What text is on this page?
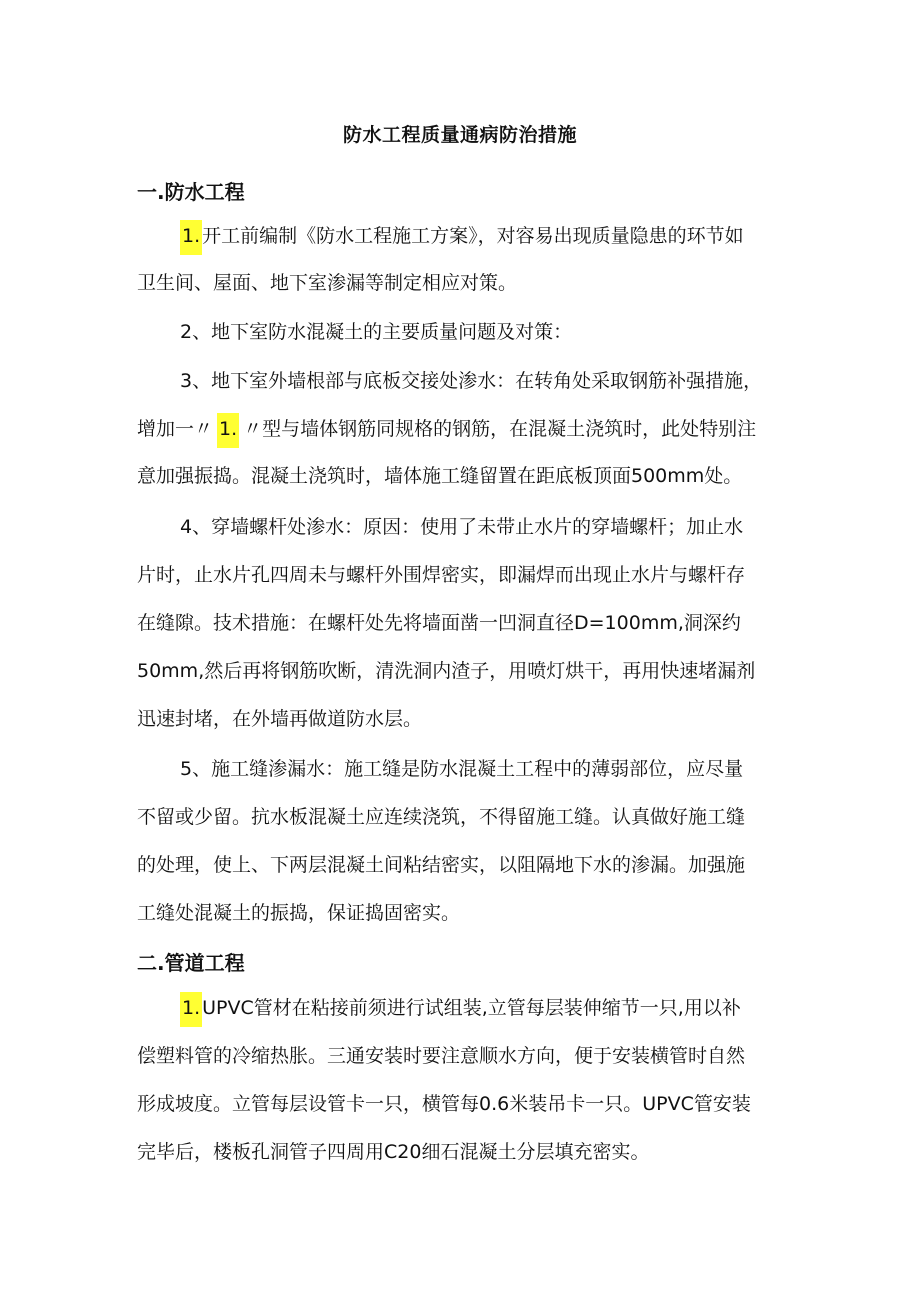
防水工程质量通病防治措施
一.防水工程
1. 开工前编制《防水工程施工方案》，对容易出现质量隐患的环节如
卫生间、屋面、地下室渗漏等制定相应对策。
2、地下室防水混凝土的主要质量问题及对策：
3、地下室外墙根部与底板交接处渗水：在转角处采取钢筋补强措施，
增加一〃 1. 〃型与墙体钢筋同规格的钢筋，在混凝土浇筑时，此处特别注
意加强振捣。混凝土浇筑时，墙体施工缝留置在距底板顶面500mm处。
4、穿墙螺杆处渗水：原因：使用了未带止水片的穿墙螺杆；加止水
片时，止水片孔四周未与螺杆外围焊密实，即漏焊而出现止水片与螺杆存
在缝隙。技术措施：在螺杆处先将墙面凿一凹洞直径D=100mm,洞深约
50mm,然后再将钢筋吹断，清洗洞内渣子，用喷灯烘干，再用快速堵漏剂
迅速封堵，在外墙再做道防水层。
5、施工缝渗漏水：施工缝是防水混凝土工程中的薄弱部位，应尽量
不留或少留。抗水板混凝土应连续浇筑，不得留施工缝。认真做好施工缝
的处理，使上、下两层混凝土间粘结密实，以阻隔地下水的渗漏。加强施
工缝处混凝土的振捣，保证捣固密实。
二.管道工程
1. UPVC管材在粘接前须进行试组装,立管每层装伸缩节一只,用以补
偿塑料管的冷缩热胀。三通安装时要注意顺水方向，便于安装横管时自然
形成坡度。立管每层设管卡一只，横管每0.6米装吊卡一只。UPVC管安装
完毕后，楼板孔洞管子四周用C20细石混凝土分层填充密实。
